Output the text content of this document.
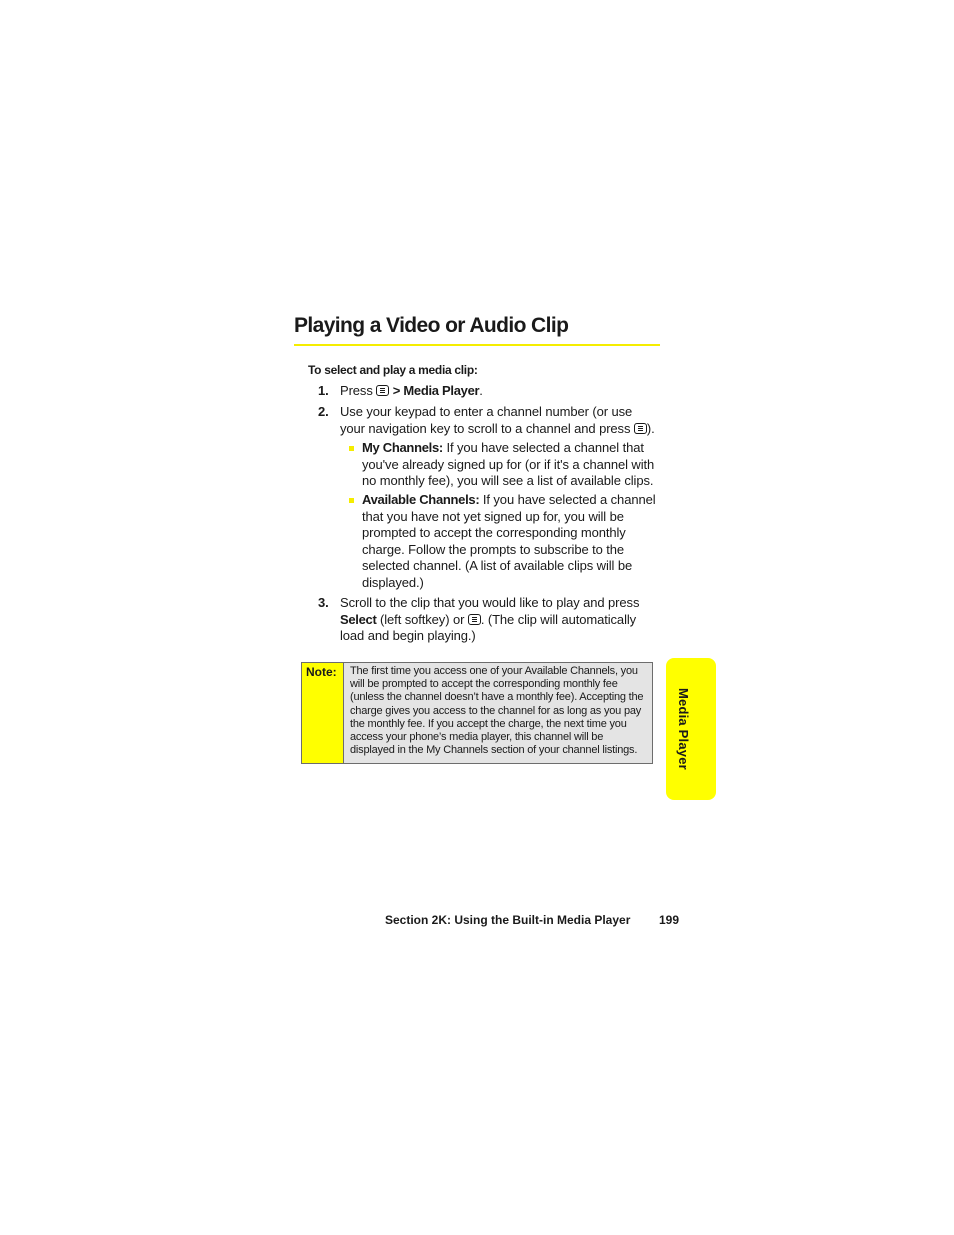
Playing a Video or Audio Clip
To select and play a media clip:
1. Press > Media Player.
2. Use your keypad to enter a channel number (or use your navigation key to scroll to a channel and press ).
My Channels: If you have selected a channel that you've already signed up for (or if it's a channel with no monthly fee), you will see a list of available clips.
Available Channels: If you have selected a channel that you have not yet signed up for, you will be prompted to accept the corresponding monthly charge. Follow the prompts to subscribe to the selected channel. (A list of available clips will be displayed.)
3. Scroll to the clip that you would like to play and press Select (left softkey) or . (The clip will automatically load and begin playing.)
Note:	The first time you access one of your Available Channels, you will be prompted to accept the corresponding monthly fee (unless the channel doesn’t have a monthly fee). Accepting the charge gives you access to the channel for as long as you pay the monthly fee. If you accept the charge, the next time you access your phone’s media player, this channel will be displayed in the My Channels section of your channel listings.	Media Player
Section 2K: Using the Built-in Media Player 199
